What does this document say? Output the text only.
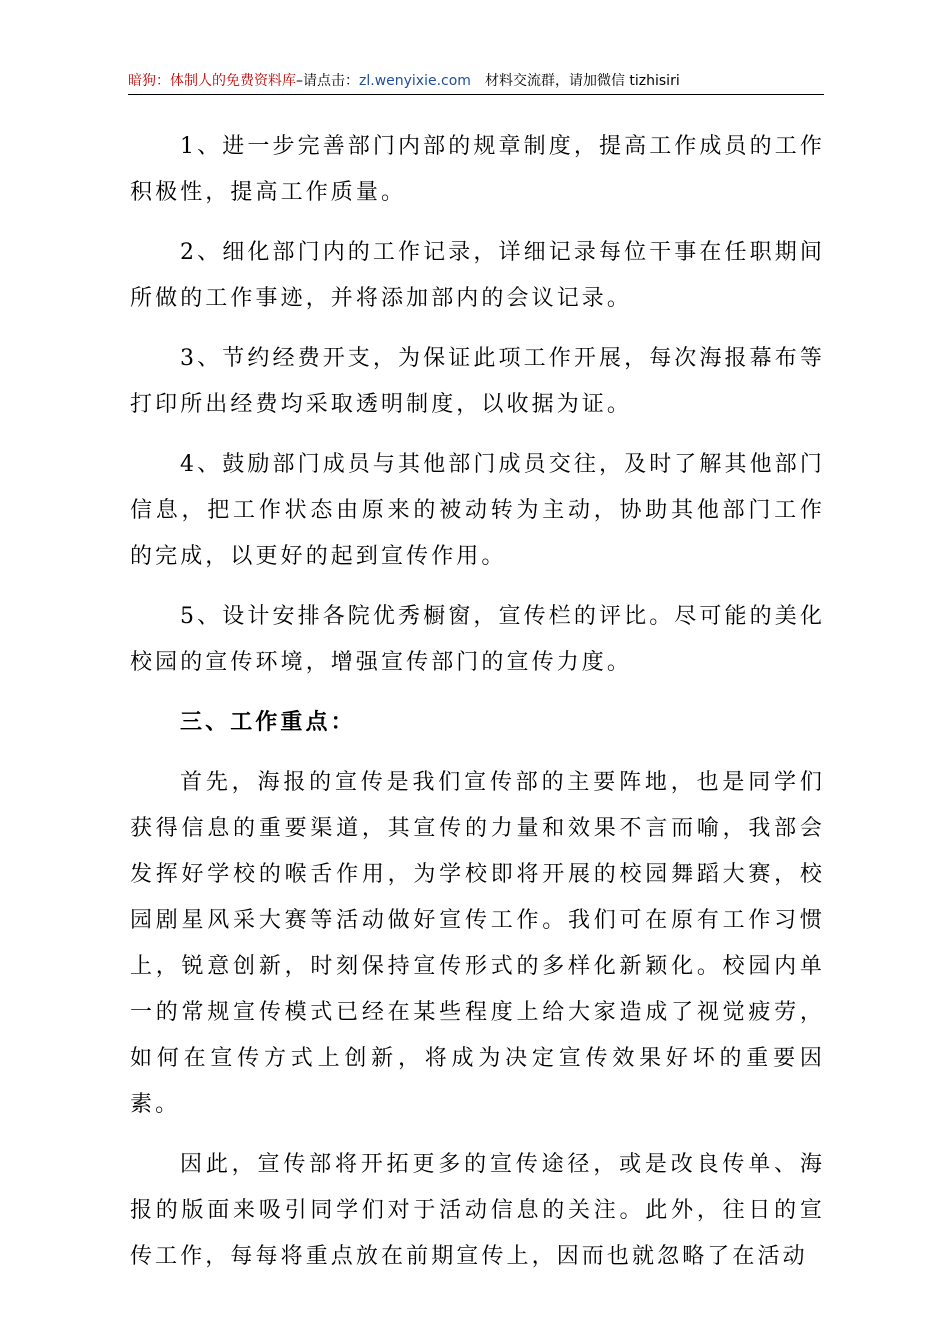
暗狗：体制人的免费资料库–请点击：zl.wenyixie.com 材料交流群，请加微信 tizhisiri

1、进一步完善部门内部的规章制度，提高工作成员的工作积极性，提高工作质量。

2、细化部门内的工作记录，详细记录每位干事在任职期间所做的工作事迹，并将添加部内的会议记录。

3、节约经费开支，为保证此项工作开展，每次海报幕布等打印所出经费均采取透明制度，以收据为证。

4、鼓励部门成员与其他部门成员交往，及时了解其他部门信息，把工作状态由原来的被动转为主动，协助其他部门工作的完成，以更好的起到宣传作用。

5、设计安排各院优秀橱窗，宣传栏的评比。尽可能的美化校园的宣传环境，增强宣传部门的宣传力度。

三、工作重点：

首先，海报的宣传是我们宣传部的主要阵地，也是同学们获得信息的重要渠道，其宣传的力量和效果不言而喻，我部会发挥好学校的喉舌作用，为学校即将开展的校园舞蹈大赛，校园剧星风采大赛等活动做好宣传工作。我们可在原有工作习惯上，锐意创新，时刻保持宣传形式的多样化新颖化。校园内单一的常规宣传模式已经在某些程度上给大家造成了视觉疲劳，如何在宣传方式上创新，将成为决定宣传效果好坏的重要因素。

因此，宣传部将开拓更多的宣传途径，或是改良传单、海报的版面来吸引同学们对于活动信息的关注。此外，往日的宣传工作，每每将重点放在前期宣传上，因而也就忽略了在活动
